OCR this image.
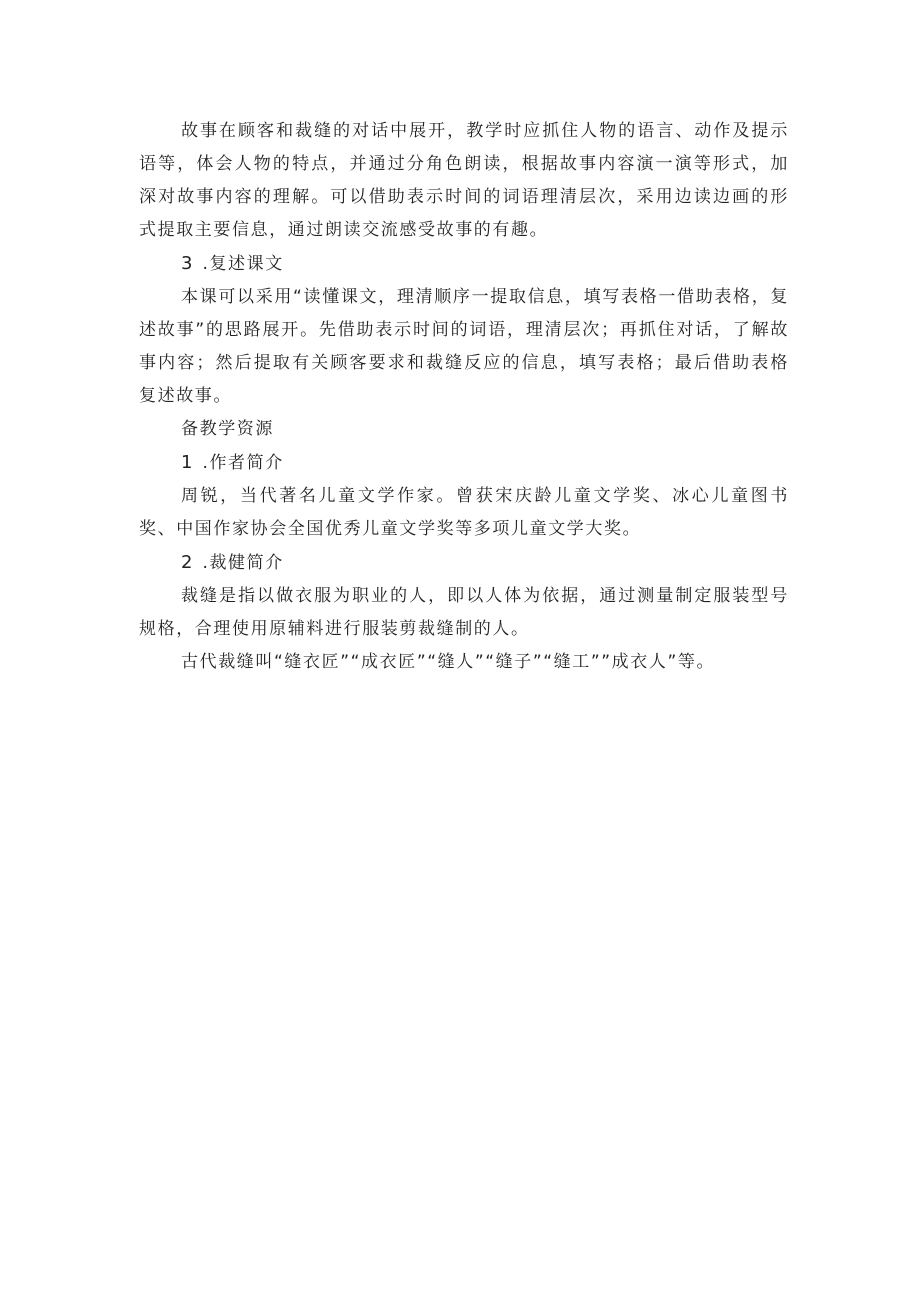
故事在顾客和裁缝的对话中展开，教学时应抓住人物的语言、动作及提示语等，体会人物的特点，并通过分角色朗读，根据故事内容演一演等形式，加深对故事内容的理解。可以借助表示时间的词语理清层次，采用边读边画的形式提取主要信息，通过朗读交流感受故事的有趣。

3 .复述课文

本课可以采用“读懂课文，理清顺序一提取信息，填写表格一借助表格，复述故事”的思路展开。先借助表示时间的词语，理清层次；再抓住对话，了解故事内容；然后提取有关顾客要求和裁缝反应的信息，填写表格；最后借助表格复述故事。

备教学资源

1 .作者简介

周锐，当代著名儿童文学作家。曾获宋庆龄儿童文学奖、冰心儿童图书奖、中国作家协会全国优秀儿童文学奖等多项儿童文学大奖。

2 .裁健简介

裁缝是指以做衣服为职业的人，即以人体为依据，通过测量制定服装型号规格，合理使用原辅料进行服装剪裁缝制的人。

古代裁缝叫“缝衣匠”“成衣匠”“缝人”“缝子”“缝工””成衣人”等。
